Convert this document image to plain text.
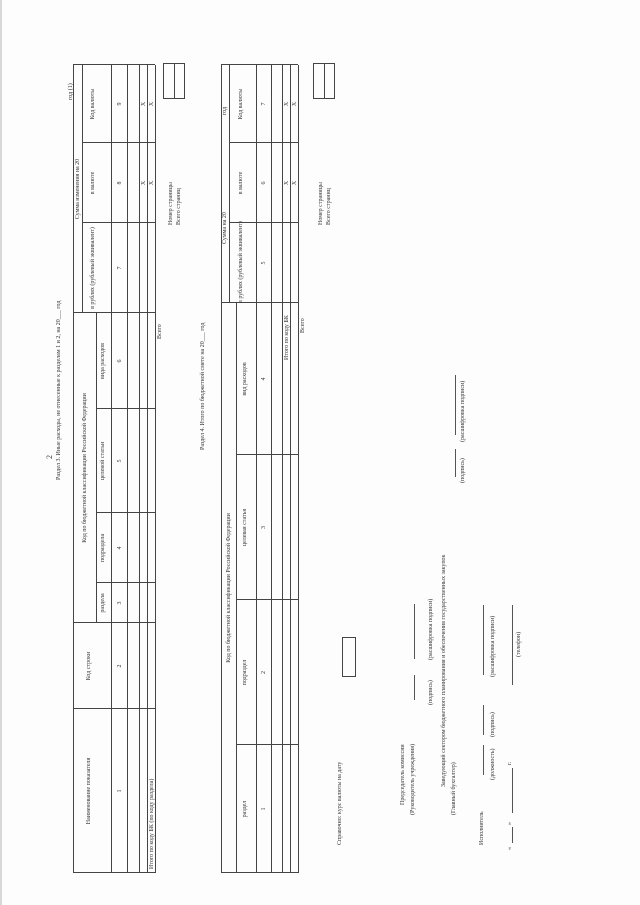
2 Раздел 3. Иные расходы, не отнесенные к разделам 1 и 2, на 20___ год
год (1)
Наименование показателя
Код строки
Код по бюджетной классификации Российской Федерации
раздела
подраздела
целевой статьи
вида расходов
Сумма изменения на 20
в рублях (рублевый эквивалент)
в валюте
Код валюты
1
2
3
4
5
6
7
8
9
Итого по коду БК (по коду раздела)
Всего
X X
X X
Номер страницы Всего страниц
Раздел 4. Итого по бюджетной смете на 20___ год
Код по бюджетной классификации Российской Федерации
раздел
подраздел
целевая статья
вид расходов
Сумма на 20
год
в рублях (рублевый эквивалент)
в валюте
Код валюты
1
2
3
4
5
6
7
Итого по коду БК Всего
X X
X X
Номер страницы Всего страниц
Справочно: курс валюты на дату	Председатель комиссии (Руководитель учреждения)
(подпись)
(расшифровка подписи) Заведующий сектором бюджетного планирования и обеспечения государственных закупок
(Главный бухгалтер)
(подпись)
(расшифровка подписи)
Исполнитель
(должность)
(подпись)
(расшифровка подписи)
«
»
г.
(телефон)
